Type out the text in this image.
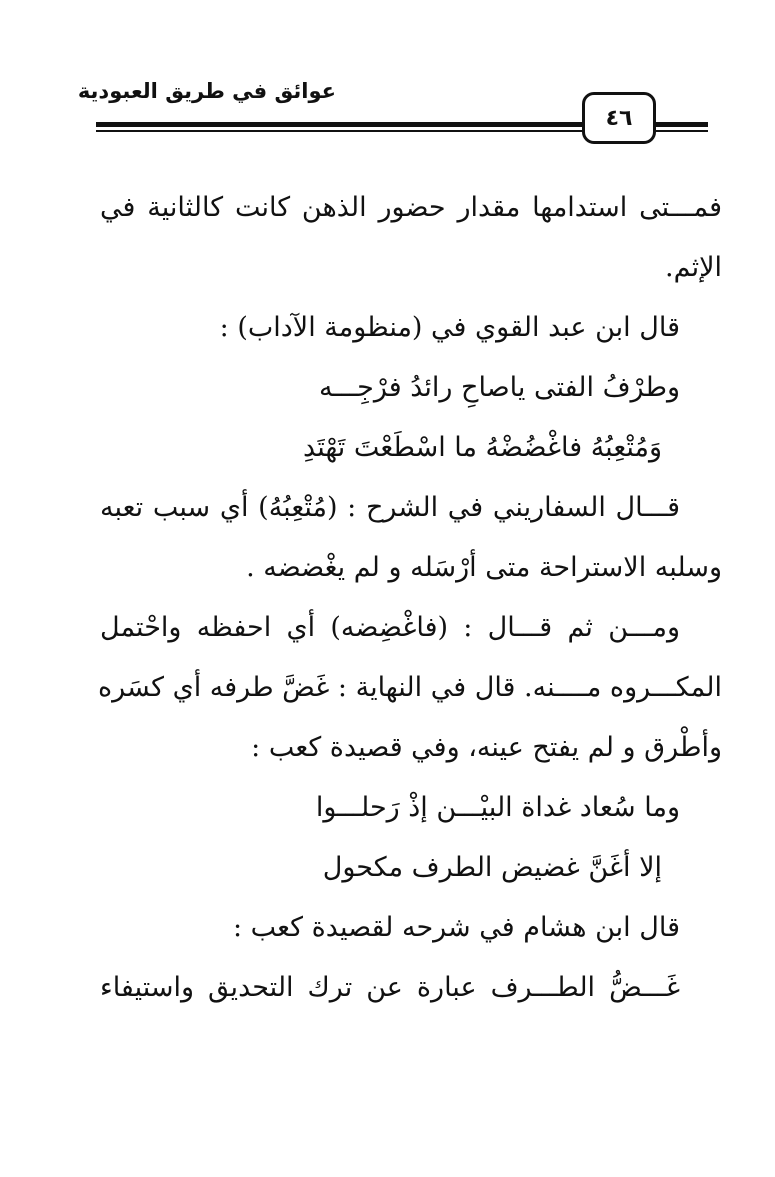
عوائق في طريق العبودية
٤٦

فمـــتى استدامها مقدار حضور الذهن كانت كالثانية في

الإثم.

قال ابن عبد القوي في (منظومة الآداب) :

وطرْفُ الفتى ياصاحِ رائدُ فرْجِـــه

وَمُتْعِبُهُ فاغْضُضْهُ ما اسْطَعْتَ تَهْتَدِ

قـــال السفاريني في الشرح : (مُتْعِبُهُ) أي سبب تعبه

وسلبه الاستراحة متى أرْسَله و لم يغْضضه .

ومـــن ثم قـــال : (فاغْضِضه) أي احفظه واحْتمل

المكـــروه مــــنه. قال في النهاية : غَضَّ طرفه أي كسَره

وأطْرق و لم يفتح عينه، وفي قصيدة كعب :

وما سُعاد غداة البيْـــن إذْ رَحلـــوا

إلا أغَنَّ غضيض الطرف مكحول

قال ابن هشام في شرحه لقصيدة كعب :

غَـــضُّ الطـــرف عبارة عن ترك التحديق واستيفاء
